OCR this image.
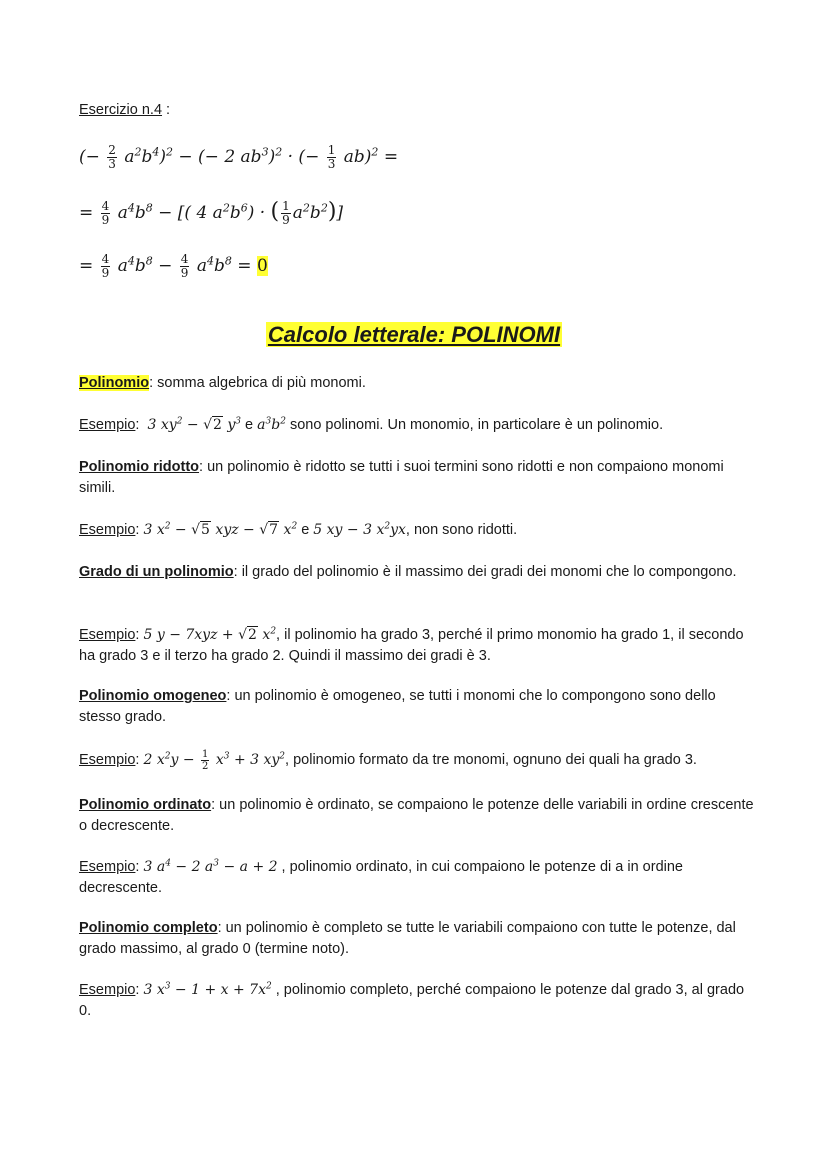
Esercizio n.4 :
(− $\frac{2}{3} a^2b^4)^2$ − (− 2 $ab^3)^2$ · (− $\frac{1}{3} ab)^2$ =
= $\frac{4}{9} a^4b^8$ − [( 4 $a^2b^6$) · ( $\frac{1}{9} a^2b^2$)]
= $\frac{4}{9} a^4b^8 - \frac{4}{9} a^4b^8 = 0$
Calcolo letterale: POLINOMI
Polinomio: somma algebrica di più monomi.
Esempio:  3 $xy^2 - √2$ $y^3$ e $a^3b^2$ sono polinomi. Un monomio, in particolare è un polinomio.
Polinomio ridotto: un polinomio è ridotto se tutti i suoi termini sono ridotti e non compaiono monomi simili.
Esempio: 3 $x^2 - √5$ xyz − √7 $x^2$ e 5 xy − 3 $x^2yx$, non sono ridotti.
Grado di un polinomio: il grado del polinomio è il massimo dei gradi dei monomi che lo compongono.
Esempio: 5 y − 7xyz + √2 $x^2$, il polinomio ha grado 3, perché il primo monomio ha grado 1, il secondo ha grado 3 e il terzo ha grado 2. Quindi il massimo dei gradi è 3.
Polinomio omogeneo: un polinomio è omogeneo, se tutti i monomi che lo compongono sono dello stesso grado.
Esempio: 2 $x^2y - \frac{1}{2} x^3 + 3$ $xy^2$, polinomio formato da tre monomi, ognuno dei quali ha grado 3.
Polinomio ordinato: un polinomio è ordinato, se compaiono le potenze delle variabili in ordine crescente o decrescente.
Esempio: 3 $a^4 - 2$ $a^3 - a + 2$ , polinomio ordinato, in cui compaiono le potenze di a in ordine decrescente.
Polinomio completo: un polinomio è completo se tutte le variabili compaiono con tutte le potenze, dal grado massimo, al grado 0 (termine noto).
Esempio: 3 $x^3 - 1 + x + 7x^2$ , polinomio completo, perché compaiono le potenze dal grado 3, al grado 0.
